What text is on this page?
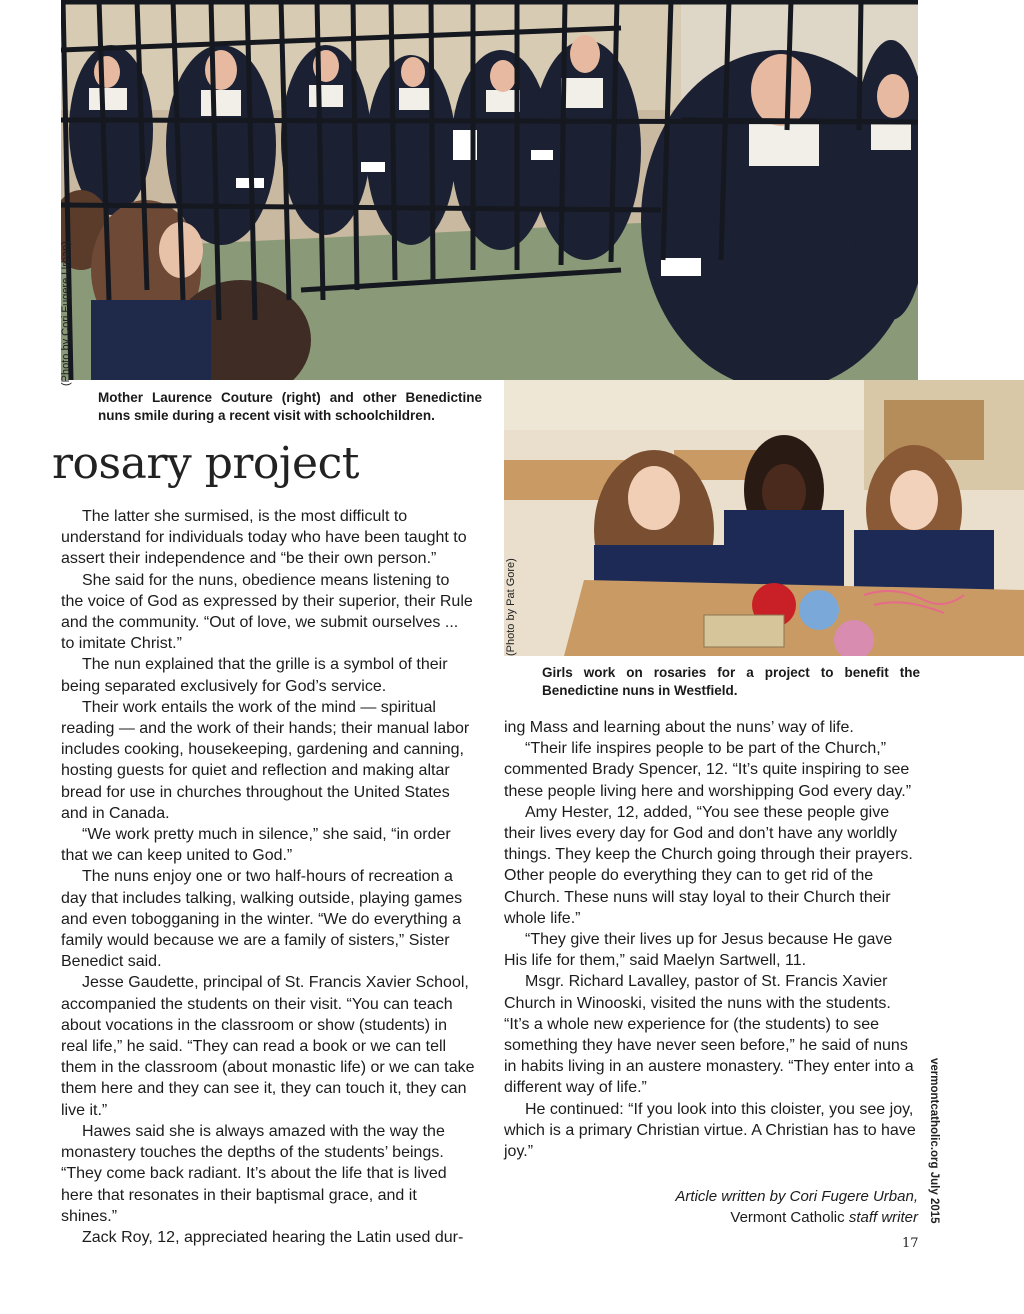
(Photo by Cori Fugere Urban)
Mother Laurence Couture (right) and other Benedictine nuns smile during a recent visit with schoolchildren.
rosary project
(Photo by Pat Gore)
Girls work on rosaries for a project to benefit the Benedictine nuns in Westfield.

The latter she surmised, is the most difficult to understand for individuals today who have been taught to assert their independence and “be their own person.”

She said for the nuns, obedience means listening to the voice of God as expressed by their superior, their Rule and the community. “Out of love, we submit ourselves ... to imitate Christ.”

The nun explained that the grille is a symbol of their being separated exclusively for God’s service.

Their work entails the work of the mind — spiritual reading — and the work of their hands; their manual labor includes cooking, housekeeping, gardening and canning, hosting guests for quiet and reflection and making altar bread for use in churches throughout the United States and in Canada.

“We work pretty much in silence,” she said, “in order that we can keep united to God.”

The nuns enjoy one or two half-hours of recreation a day that includes talking, walking outside, playing games and even tobogganing in the winter. “We do everything a family would because we are a family of sisters,” Sister Benedict said.

Jesse Gaudette, principal of St. Francis Xavier School, accompanied the students on their visit. “You can teach about vocations in the classroom or show (students) in real life,” he said. “They can read a book or we can tell them in the classroom (about monastic life) or we can take them here and they can see it, they can touch it, they can live it.”

Hawes said she is always amazed with the way the monastery touches the depths of the students’ beings. “They come back radiant. It’s about the life that is lived here that resonates in their baptismal grace, and it shines.”

Zack Roy, 12, appreciated hearing the Latin used dur-

ing Mass and learning about the nuns’ way of life.

“Their life inspires people to be part of the Church,” commented Brady Spencer, 12. “It’s quite inspiring to see these people living here and worshipping God every day.”

Amy Hester, 12, added, “You see these people give their lives every day for God and don’t have any worldly things. They keep the Church going through their prayers. Other people do everything they can to get rid of the Church. These nuns will stay loyal to their Church their whole life.”

“They give their lives up for Jesus because He gave His life for them,” said Maelyn Sartwell, 11.

Msgr. Richard Lavalley, pastor of St. Francis Xavier Church in Winooski, visited the nuns with the students. “It’s a whole new experience for (the students) to see something they have never seen before,” he said of nuns in habits living in an austere monastery. “They enter into a different way of life.”

He continued: “If you look into this cloister, you see joy, which is a primary Christian virtue. A Christian has to have joy.”

Article written by Cori Fugere Urban,
Vermont Catholic staff writer vermontcatholic.org July 2015
17
